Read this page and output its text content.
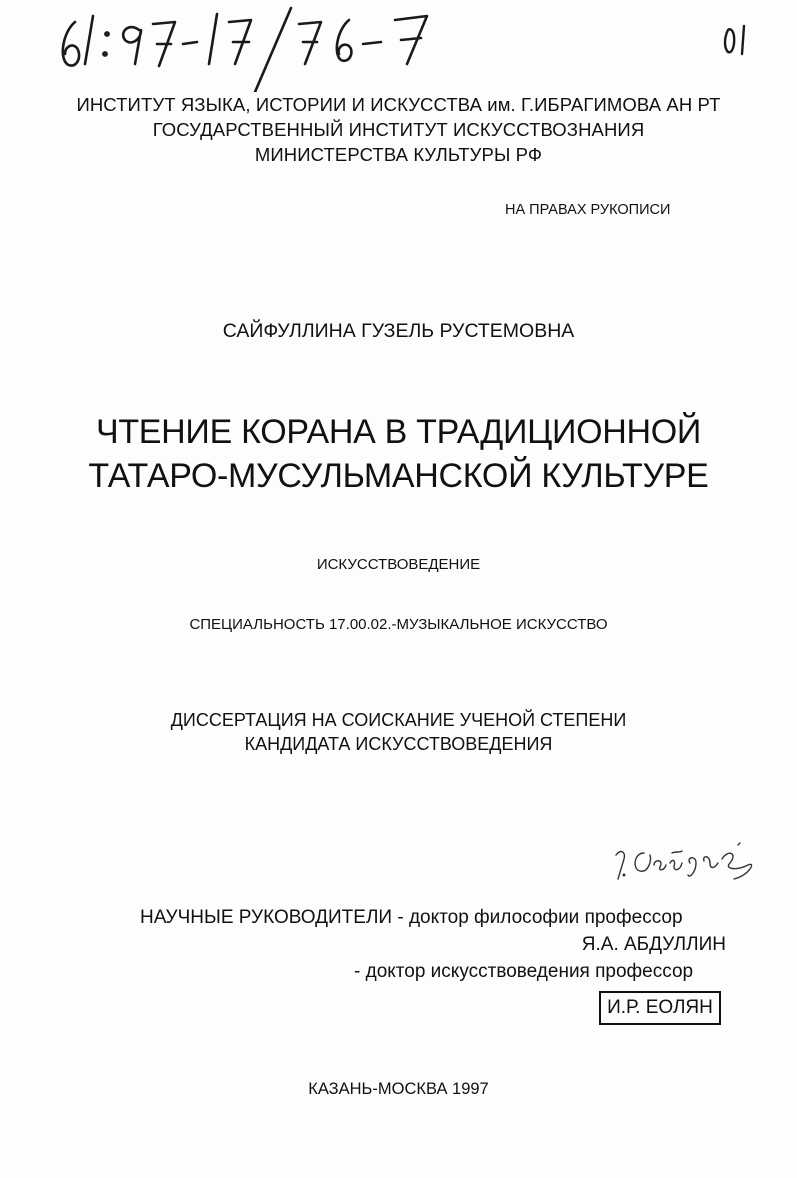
ИНСТИТУТ ЯЗЫКА, ИСТОРИИ И ИСКУССТВА им. Г.ИБРАГИМОВА АН РТ
ГОСУДАРСТВЕННЫЙ ИНСТИТУТ ИСКУССТВОЗНАНИЯ
МИНИСТЕРСТВА КУЛЬТУРЫ РФ
НА ПРАВАХ РУКОПИСИ
САЙФУЛЛИНА ГУЗЕЛЬ РУСТЕМОВНА
ЧТЕНИЕ КОРАНА В ТРАДИЦИОННОЙ
ТАТАРО-МУСУЛЬМАНСКОЙ КУЛЬТУРЕ
ИСКУССТВОВЕДЕНИЕ
СПЕЦИАЛЬНОСТЬ 17.00.02.-МУЗЫКАЛЬНОЕ ИСКУССТВО
ДИССЕРТАЦИЯ НА СОИСКАНИЕ УЧЕНОЙ СТЕПЕНИ
КАНДИДАТА ИСКУССТВОВЕДЕНИЯ
НАУЧНЫЕ РУКОВОДИТЕЛИ - доктор философии профессор
Я.А. АБДУЛЛИН
- доктор искусствоведения профессор
И.Р. ЕОЛЯН
КАЗАНЬ-МОСКВА 1997
